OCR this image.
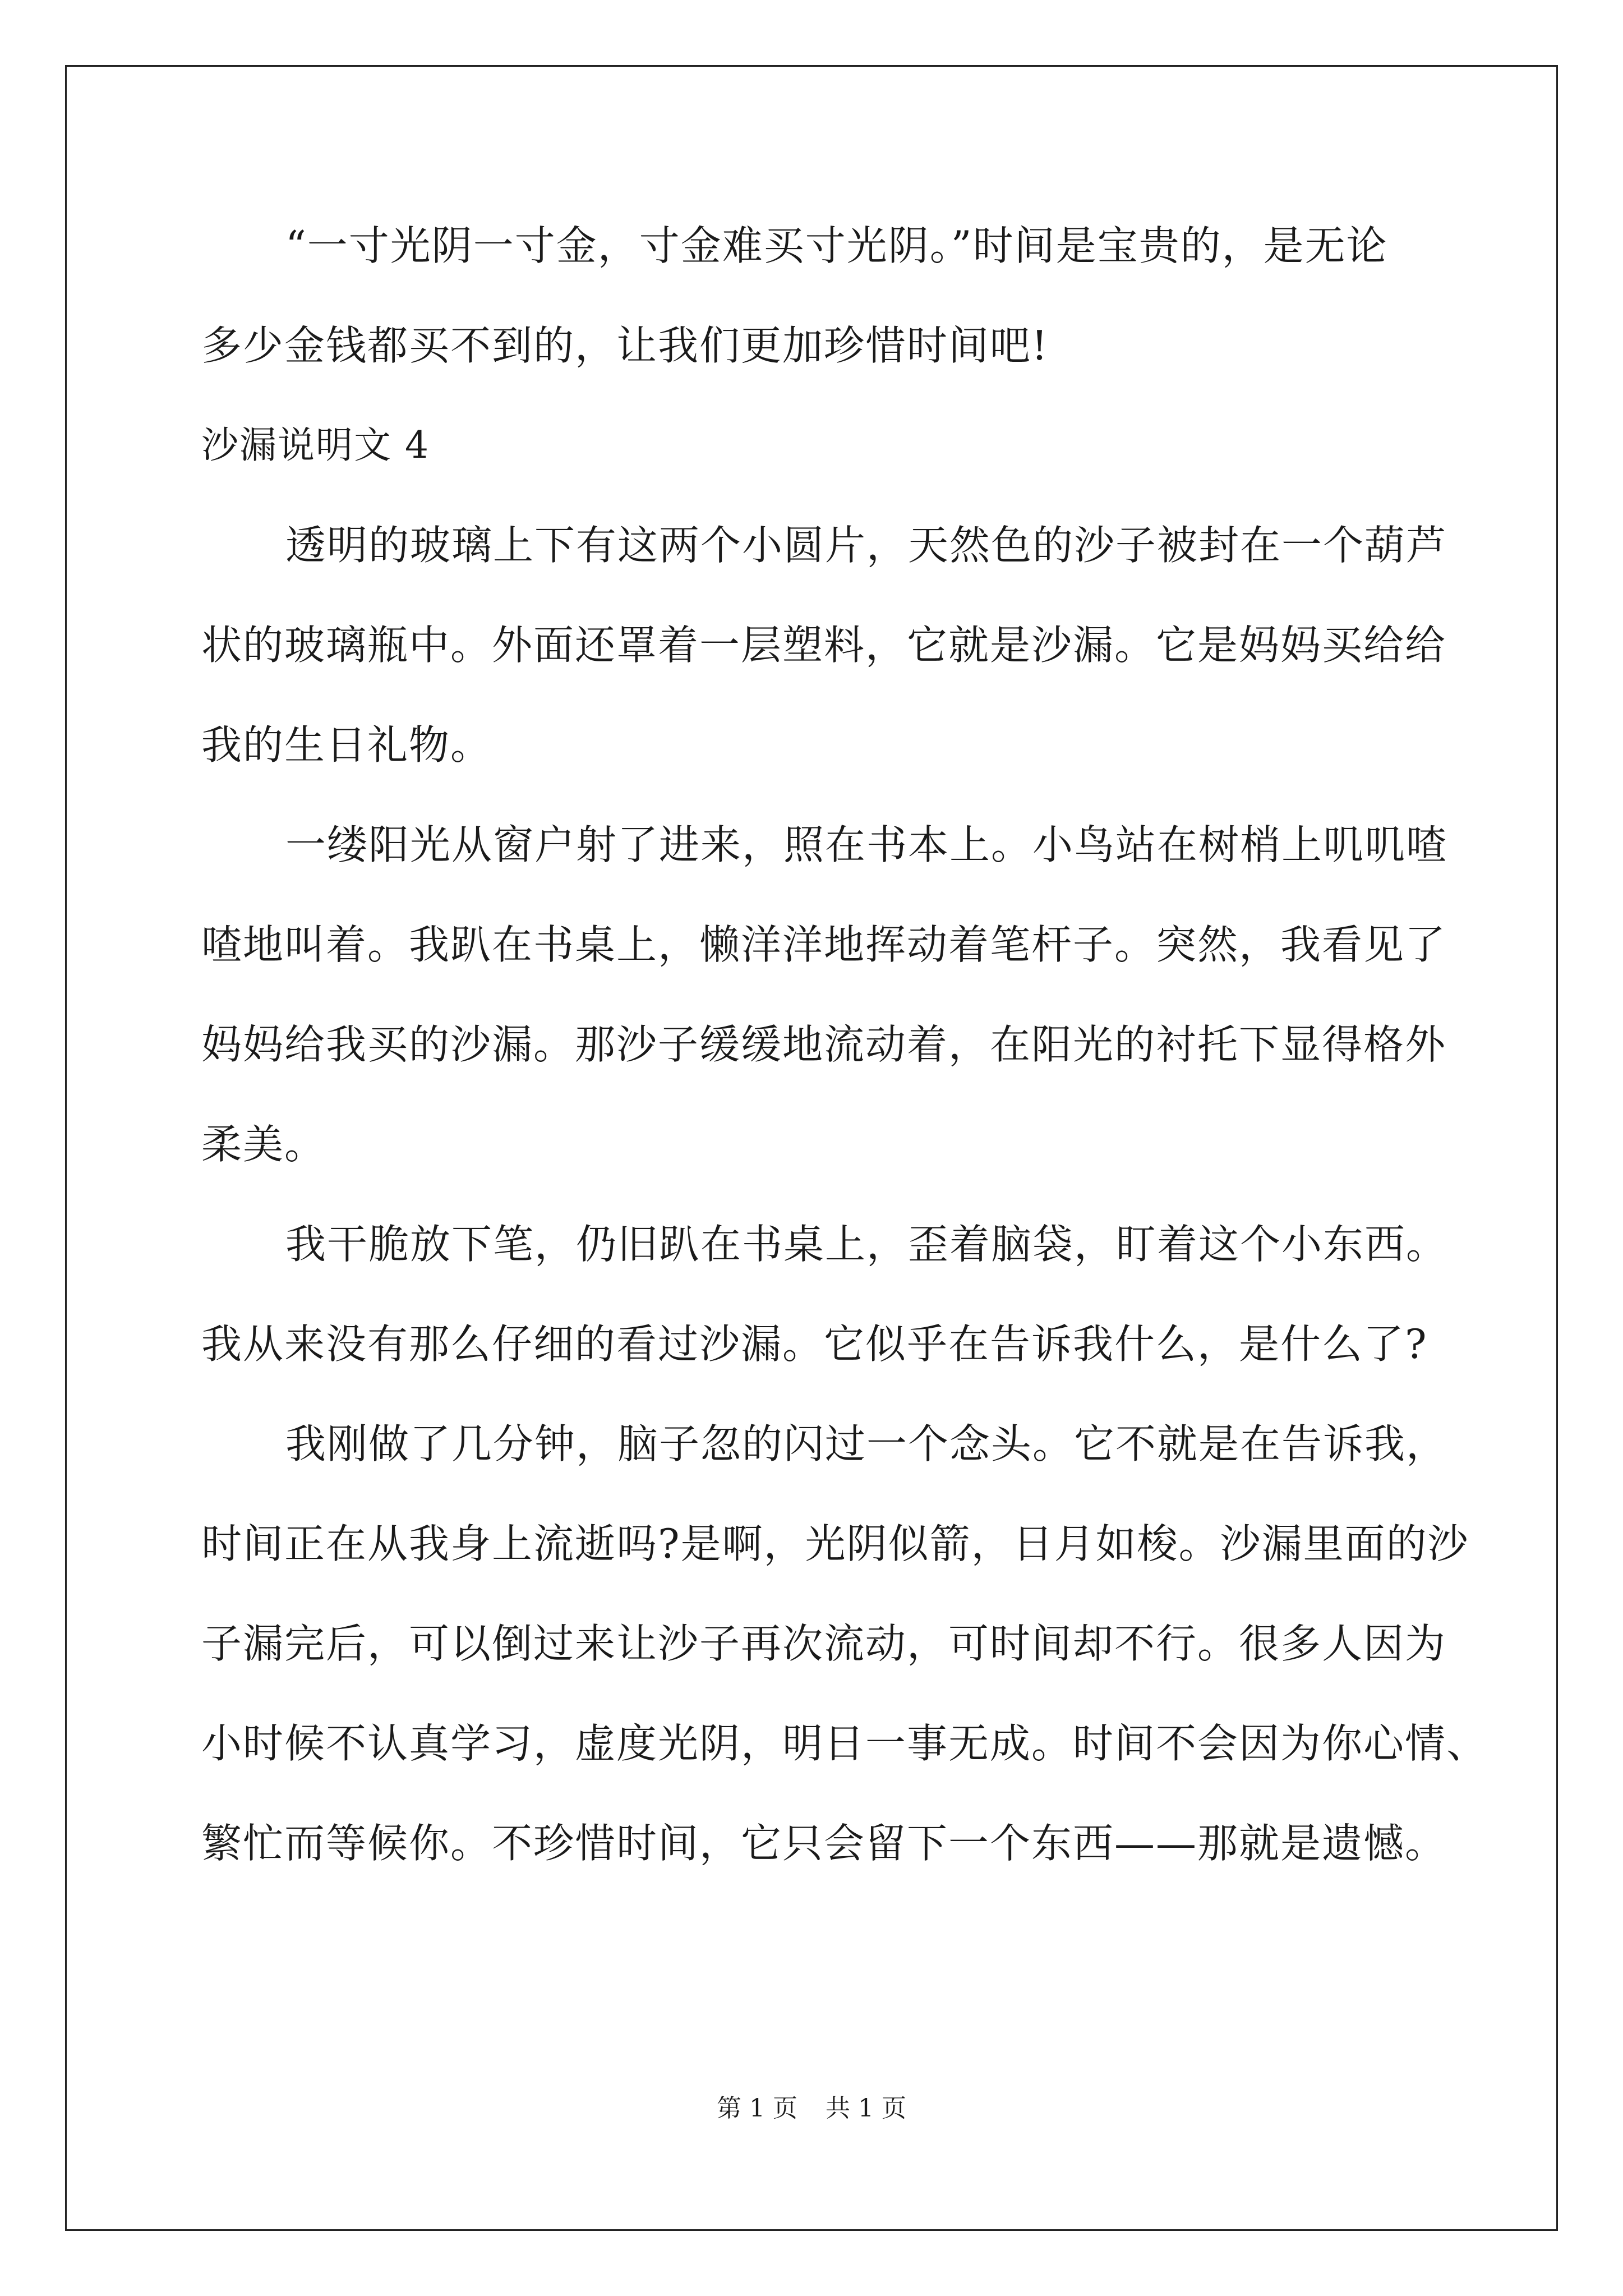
“一寸光阴一寸金，寸金难买寸光阴。”时间是宝贵的，是无论
多少金钱都买不到的，让我们更加珍惜时间吧!
沙漏说明文 4
透明的玻璃上下有这两个小圆片，天然色的沙子被封在一个葫芦
状的玻璃瓶中。外面还罩着一层塑料，它就是沙漏。它是妈妈买给给
我的生日礼物。
一缕阳光从窗户射了进来，照在书本上。小鸟站在树梢上叽叽喳
喳地叫着。我趴在书桌上，懒洋洋地挥动着笔杆子。突然，我看见了
妈妈给我买的沙漏。那沙子缓缓地流动着，在阳光的衬托下显得格外
柔美。
我干脆放下笔，仍旧趴在书桌上，歪着脑袋，盯着这个小东西。
我从来没有那么仔细的看过沙漏。它似乎在告诉我什么，是什么了?
我刚做了几分钟，脑子忽的闪过一个念头。它不就是在告诉我，
时间正在从我身上流逝吗?是啊，光阴似箭，日月如梭。沙漏里面的沙
子漏完后，可以倒过来让沙子再次流动，可时间却不行。很多人因为
小时候不认真学习，虚度光阴，明日一事无成。时间不会因为你心情、
繁忙而等候你。不珍惜时间，它只会留下一个东西——那就是遗憾。
第 1 页 共 1 页
